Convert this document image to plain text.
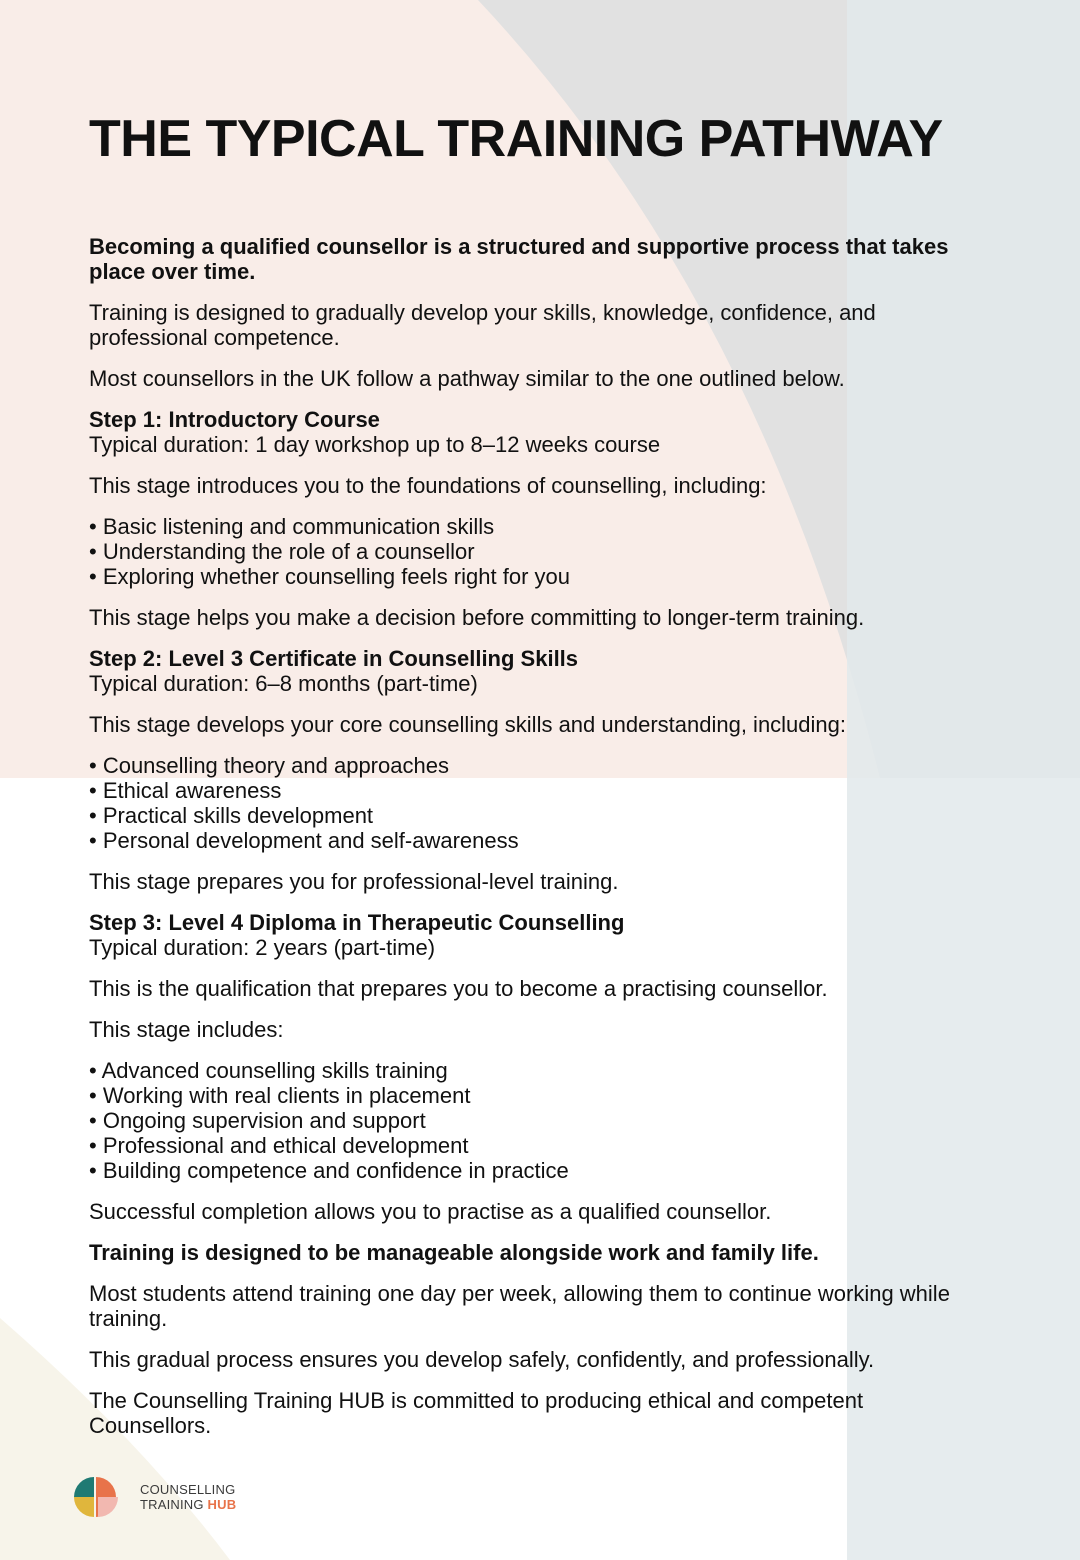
THE TYPICAL TRAINING PATHWAY

Becoming a qualified counsellor is a structured and supportive process that takes place over time.

Training is designed to gradually develop your skills, knowledge, confidence, and professional competence.

Most counsellors in the UK follow a pathway similar to the one outlined below.

Step 1: Introductory Course
Typical duration: 1 day workshop up to 8–12 weeks course

This stage introduces you to the foundations of counselling, including:

• Basic listening and communication skills
• Understanding the role of a counsellor
• Exploring whether counselling feels right for you

This stage helps you make a decision before committing to longer-term training.

Step 2: Level 3 Certificate in Counselling Skills
Typical duration: 6–8 months (part-time)

This stage develops your core counselling skills and understanding, including:

• Counselling theory and approaches
• Ethical awareness
• Practical skills development
• Personal development and self-awareness

This stage prepares you for professional-level training.

Step 3: Level 4 Diploma in Therapeutic Counselling
Typical duration: 2 years (part-time)

This is the qualification that prepares you to become a practising counsellor.

This stage includes:

• Advanced counselling skills training
• Working with real clients in placement
• Ongoing supervision and support
• Professional and ethical development
• Building competence and confidence in practice

Successful completion allows you to practise as a qualified counsellor.

Training is designed to be manageable alongside work and family life.

Most students attend training one day per week, allowing them to continue working while training.

This gradual process ensures you develop safely, confidently, and professionally.

The Counselling Training HUB is committed to producing ethical and competent Counsellors.

COUNSELLING
TRAINING HUB
